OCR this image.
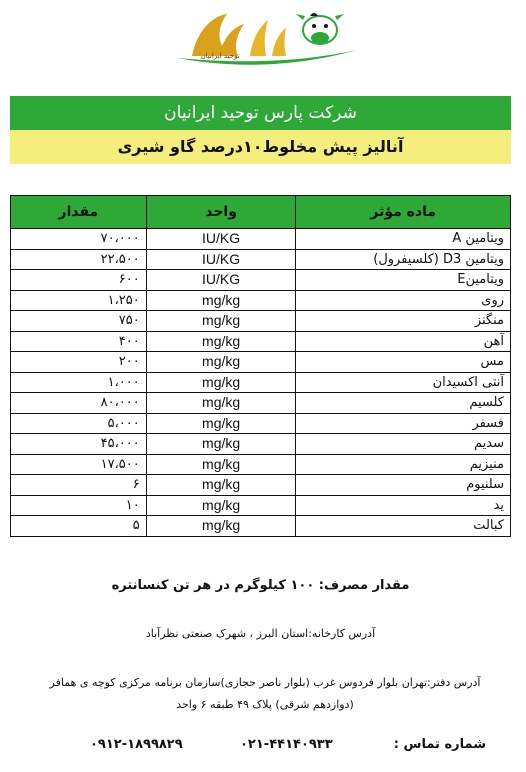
توحید ایرانیان
شرکت پارس توحید ایرانیان
آنالیز پیش مخلوط۱۰درصد گاو شیری
ماده مؤثر	واحد	مقدار
ویتامین A	IU/KG	۷۰،۰۰۰
ویتامین D3 (کلسیفرول)	IU/KG	۲۲،۵۰۰
ویتامینE	IU/KG	۶۰۰
روی	mg/kg	۱،۲۵۰
منگنز	mg/kg	۷۵۰
آهن	mg/kg	۴۰۰
مس	mg/kg	۲۰۰
آنتی اکسیدان	mg/kg	۱،۰۰۰
کلسیم	mg/kg	۸۰،۰۰۰
فسفر	mg/kg	۵،۰۰۰
سدیم	mg/kg	۴۵،۰۰۰
منیزیم	mg/kg	۱۷،۵۰۰
سلنیوم	mg/kg	۶
ید	mg/kg	۱۰
کبالت	mg/kg	۵
مقدار مصرف: ۱۰۰ کیلوگرم در هر تن کنسانتره
آدرس کارخانه:استان البرز ، شهرک صنعتی نظرآباد
آدرس دفتر:تهران بلوار فردوس غرب (بلوار ناصر حجازی)سازمان برنامه مرکزی کوچه ی همافر
(دوازدهم شرقی) پلاک ۴۹ طبقه ۶ واحد
شماره تماس :
۰۲۱-۴۴۱۴۰۹۳۳
۰۹۱۲-۱۸۹۹۸۲۹
